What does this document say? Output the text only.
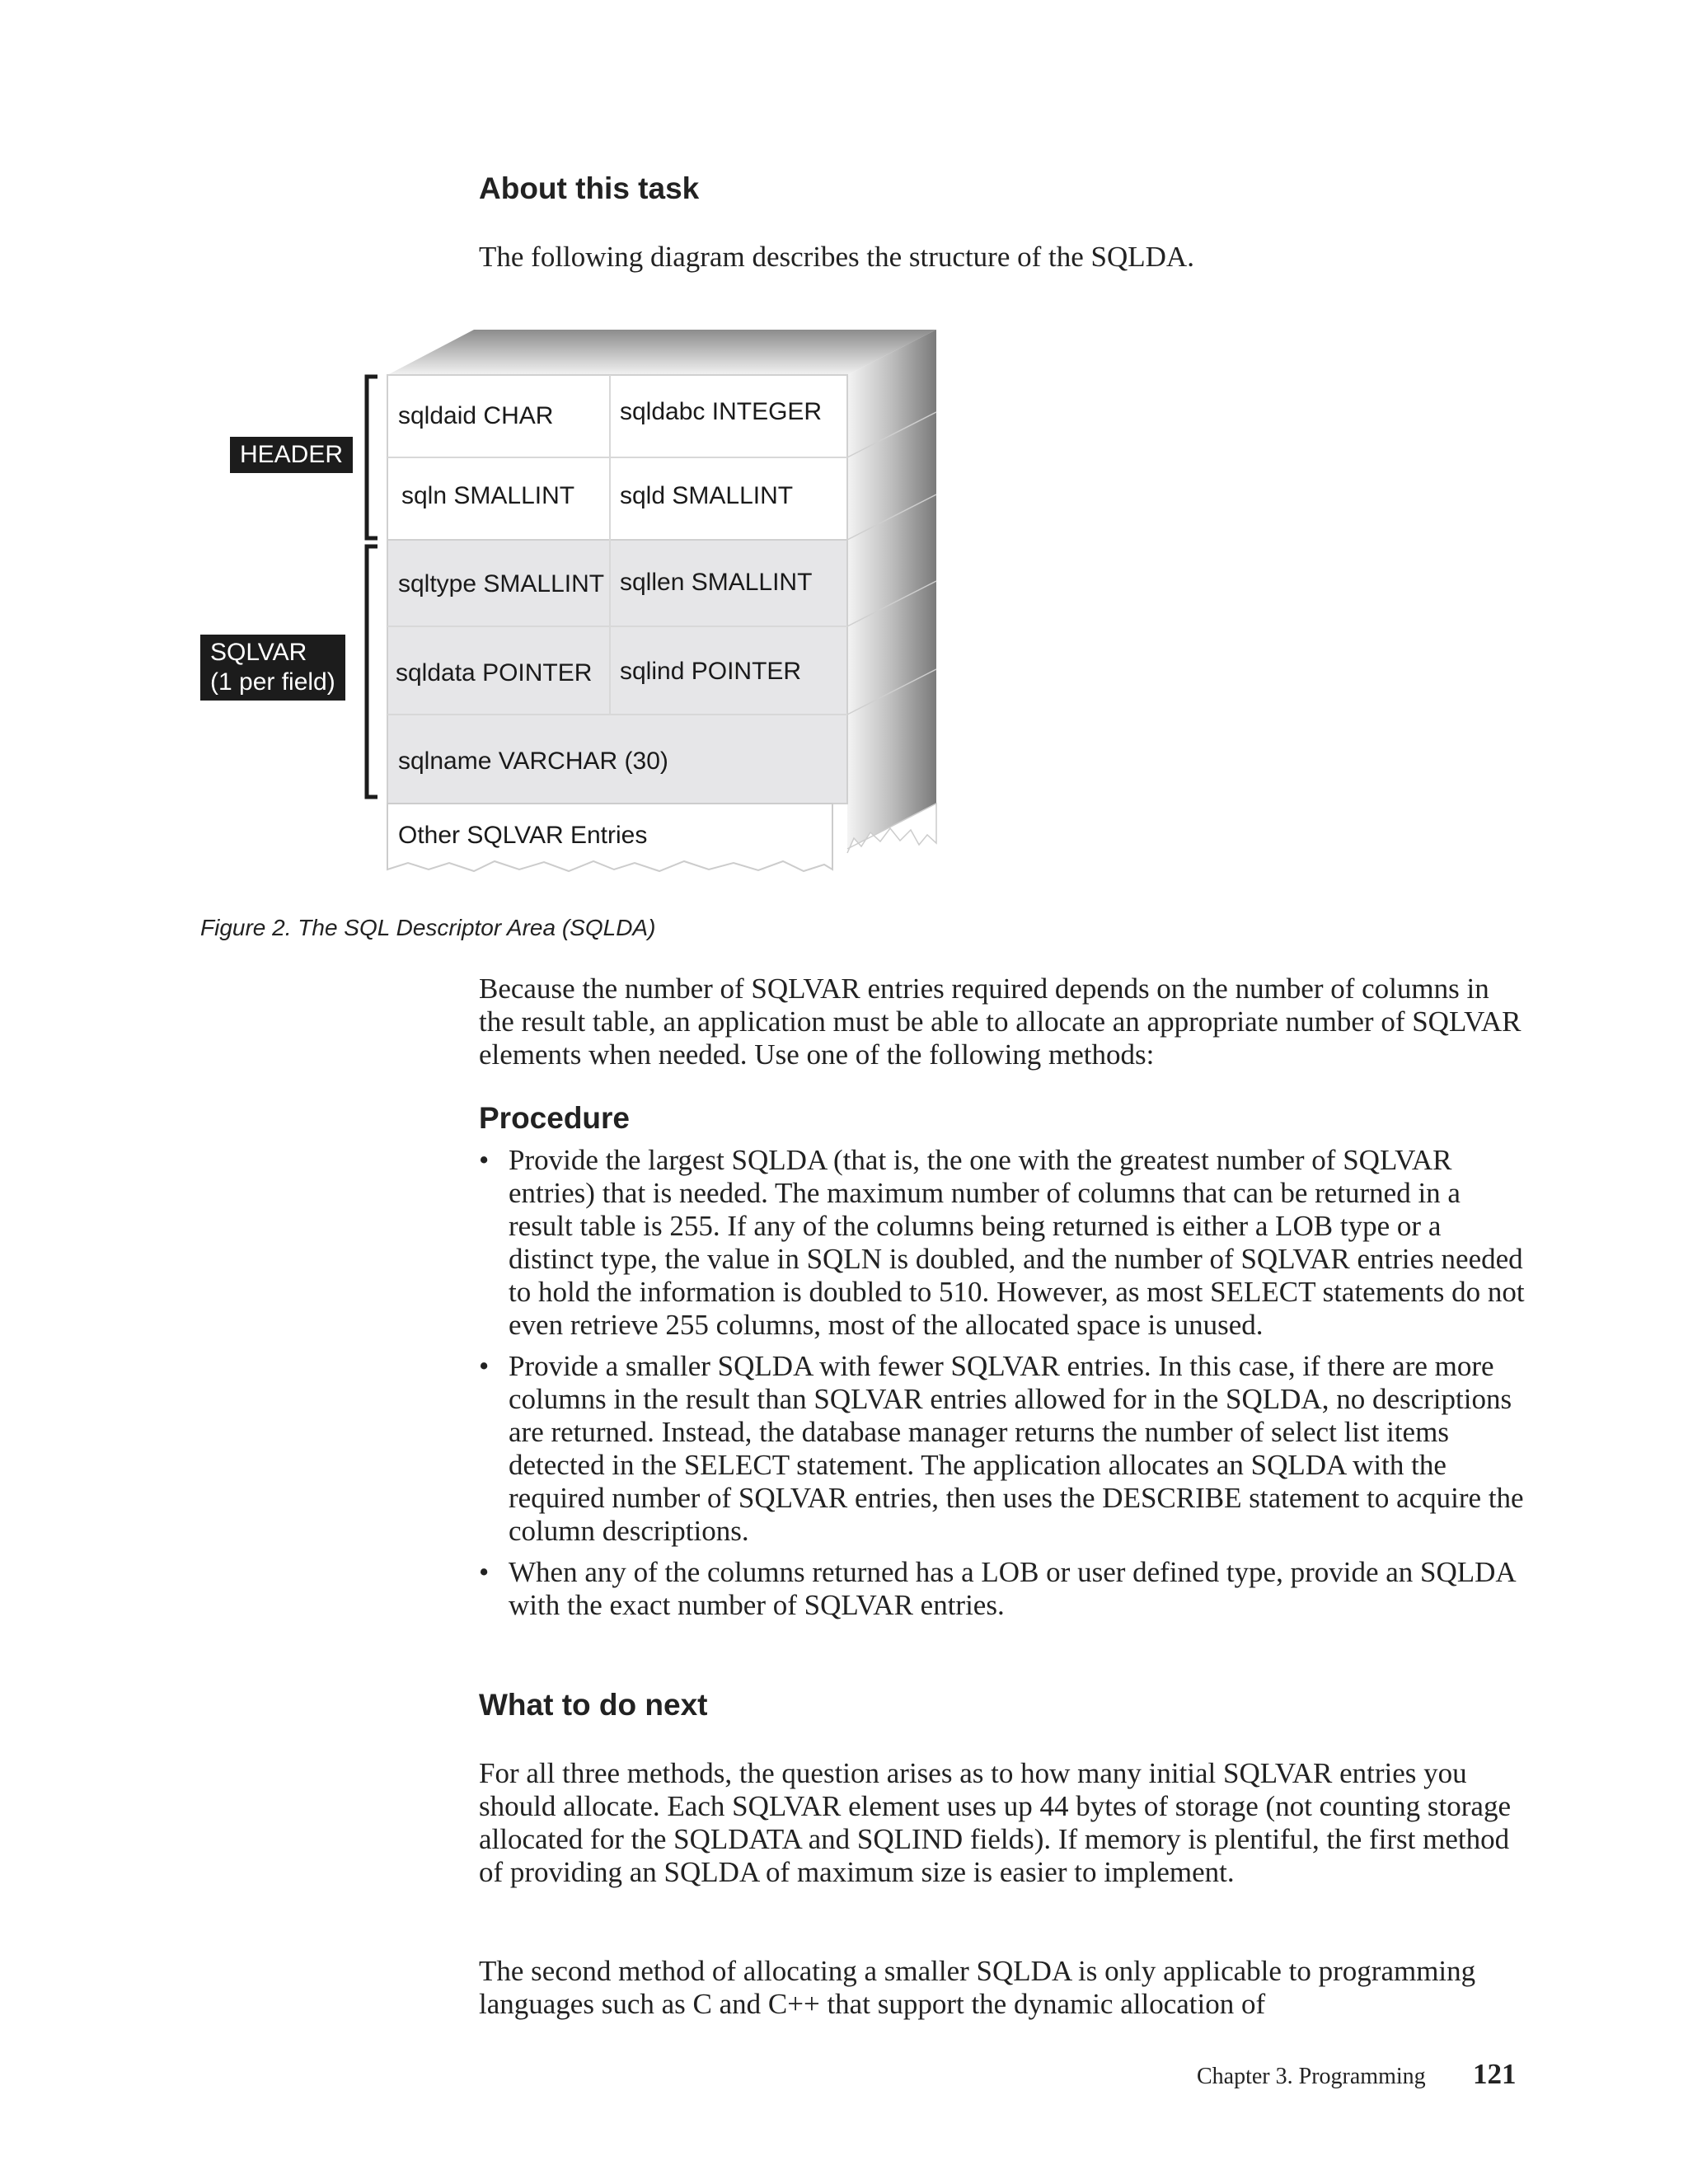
About this task
The following diagram describes the structure of the SQLDA.
HEADER
SQLVAR
(1 per field)
sqldaid CHAR	sqldabc INTEGER
sqln SMALLINT sqld SMALLINT
sqltype SMALLINT sqllen SMALLINT
sqldata POINTER sqlind POINTER
sqlname VARCHAR (30)
Other SQLVAR Entries
Figure 2. The SQL Descriptor Area (SQLDA)

Because the number of SQLVAR entries required depends on the number of columns in the result table, an application must be able to allocate an appropriate number of SQLVAR elements when needed. Use one of the following methods:

Procedure
• Provide the largest SQLDA (that is, the one with the greatest number of SQLVAR entries) that is needed. The maximum number of columns that can be returned in a result table is 255. If any of the columns being returned is either a LOB type or a distinct type, the value in SQLN is doubled, and the number of SQLVAR entries needed to hold the information is doubled to 510. However, as most SELECT statements do not even retrieve 255 columns, most of the allocated space is unused.
• Provide a smaller SQLDA with fewer SQLVAR entries. In this case, if there are more columns in the result than SQLVAR entries allowed for in the SQLDA, no descriptions are returned. Instead, the database manager returns the number of select list items detected in the SELECT statement. The application allocates an SQLDA with the required number of SQLVAR entries, then uses the DESCRIBE statement to acquire the column descriptions.
• When any of the columns returned has a LOB or user defined type, provide an SQLDA with the exact number of SQLVAR entries.
What to do next

For all three methods, the question arises as to how many initial SQLVAR entries you should allocate. Each SQLVAR element uses up 44 bytes of storage (not counting storage allocated for the SQLDATA and SQLIND fields). If memory is plentiful, the first method of providing an SQLDA of maximum size is easier to implement.

The second method of allocating a smaller SQLDA is only applicable to programming languages such as C and C++ that support the dynamic allocation of

Chapter 3. Programming 121
